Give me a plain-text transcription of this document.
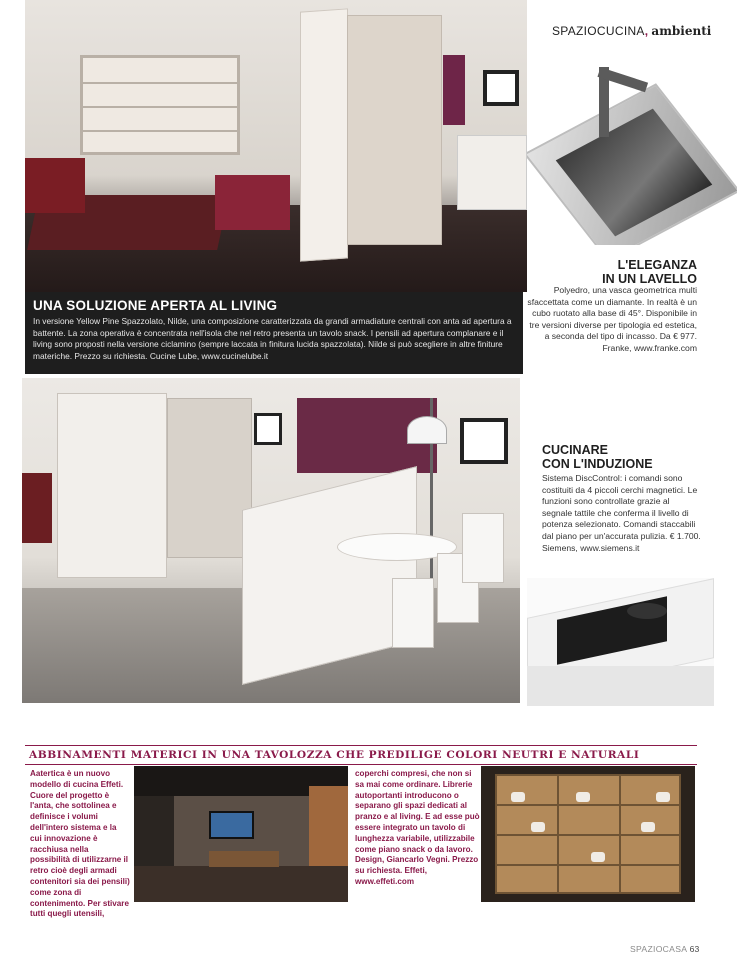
UNA SOLUZIONE APERTA AL LIVING
In versione Yellow Pine Spazzolato, Nilde, una composizione caratterizzata da grandi armadiature centrali con anta ad apertura a battente. La zona operativa è concentrata nell'isola che nel retro presenta un tavolo snack. I pensili ad apertura complanare e il living sono proposti nella versione ciclamino (sempre laccata in finitura lucida spazzolata). Nilde si può scegliere in altre finiture materiche. Prezzo su richiesta. Cucine Lube, www.cucinelube.it
SPAZIOCUCINA, ambienti
L'ELEGANZA
IN UN LAVELLO
Polyedro, una vasca geometrica multi sfaccettata come un diamante. In realtà è un cubo ruotato alla base di 45°. Disponibile in tre versioni diverse per tipologia ed estetica, a seconda del tipo di incasso. Da € 977. Franke, www.franke.com
CUCINARE
CON L'INDUZIONE
Sistema DiscControl: i comandi sono costituiti da 4 piccoli cerchi magnetici. Le funzioni sono controllate grazie al segnale tattile che conferma il livello di potenza selezionato. Comandi staccabili dal piano per un'accurata pulizia. € 1.700. Siemens, www.siemens.it
ABBINAMENTI MATERICI IN UNA TAVOLOZZA CHE PREDILIGE COLORI NEUTRI E NATURALI
Aatertica è un nuovo modello di cucina Effeti. Cuore del progetto è l'anta, che sottolinea e definisce i volumi dell'intero sistema e la cui innovazione è racchiusa nella possibilità di utilizzarne il retro cioè degli armadi contenitori sia dei pensili) come zona di contenimento. Per stivare tutti quegli utensili,
coperchi compresi, che non si sa mai come ordinare. Librerie autoportanti introducono o separano gli spazi dedicati al pranzo e al living. E ad esse può essere integrato un tavolo di lunghezza variabile, utilizzabile come piano snack o da lavoro. Design, Giancarlo Vegni. Prezzo su richiesta. Effeti, www.effeti.com
SPAZIOCASA 63
